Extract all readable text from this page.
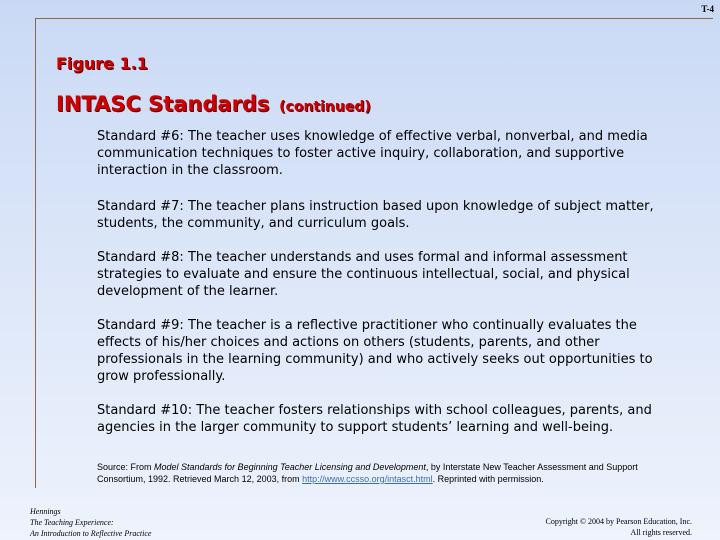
T-4
Figure 1.1
INTASC Standards (continued)

Standard #6: The teacher uses knowledge of effective verbal, nonverbal, and media communication techniques to foster active inquiry, collaboration, and supportive interaction in the classroom.

Standard #7: The teacher plans instruction based upon knowledge of subject matter, students, the community, and curriculum goals.

Standard #8: The teacher understands and uses formal and informal assessment strategies to evaluate and ensure the continuous intellectual, social, and physical development of the learner.

Standard #9: The teacher is a reflective practitioner who continually evaluates the effects of his/her choices and actions on others (students, parents, and other professionals in the learning community) and who actively seeks out opportunities to grow professionally.

Standard #10: The teacher fosters relationships with school colleagues, parents, and agencies in the larger community to support students’ learning and well-being.

Source: From Model Standards for Beginning Teacher Licensing and Development, by Interstate New Teacher Assessment and Support Consortium, 1992. Retrieved March 12, 2003, from http://www.ccsso.org/intasct.html. Reprinted with permission.
Hennings
The Teaching Experience:
An Introduction to Reflective Practice
Copyright © 2004 by Pearson Education, Inc.
All rights reserved.
